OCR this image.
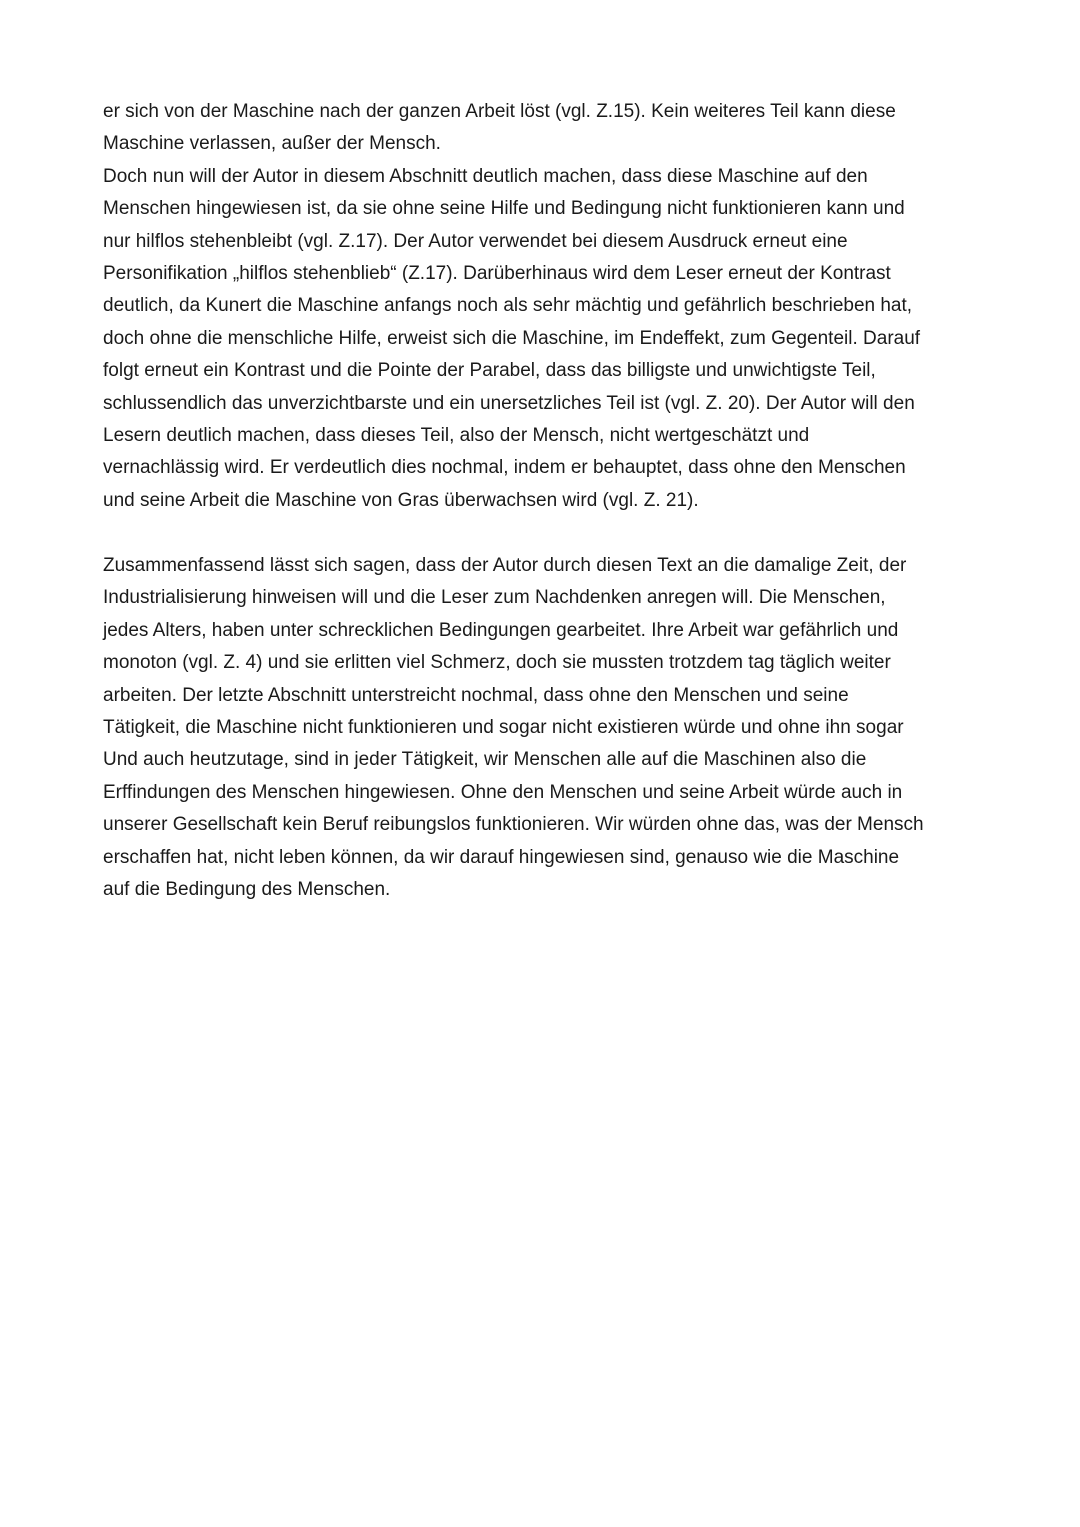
er sich von der Maschine nach der ganzen Arbeit löst (vgl. Z.15). Kein weiteres Teil kann diese
Maschine verlassen, außer der Mensch.
Doch nun will der Autor in diesem Abschnitt deutlich machen, dass diese Maschine auf den
Menschen hingewiesen ist, da sie ohne seine Hilfe und Bedingung nicht funktionieren kann und
nur hilflos stehenbleibt (vgl. Z.17). Der Autor verwendet bei diesem Ausdruck erneut eine
Personifikation „hilflos stehenblieb“ (Z.17). Darüberhinaus wird dem Leser erneut der Kontrast
deutlich, da Kunert die Maschine anfangs noch als sehr mächtig und gefährlich beschrieben hat,
doch ohne die menschliche Hilfe, erweist sich die Maschine, im Endeffekt, zum Gegenteil. Darauf
folgt erneut ein Kontrast und die Pointe der Parabel, dass das billigste und unwichtigste Teil,
schlussendlich das unverzichtbarste und ein unersetzliches Teil ist (vgl. Z. 20). Der Autor will den
Lesern deutlich machen, dass dieses Teil, also der Mensch, nicht wertgeschätzt und
vernachlässig wird. Er verdeutlich dies nochmal, indem er behauptet, dass ohne den Menschen
und seine Arbeit die Maschine von Gras überwachsen wird (vgl. Z. 21).
Zusammenfassend lässt sich sagen, dass der Autor durch diesen Text an die damalige Zeit, der
Industrialisierung hinweisen will und die Leser zum Nachdenken anregen will. Die Menschen,
jedes Alters, haben unter schrecklichen Bedingungen gearbeitet. Ihre Arbeit war gefährlich und
monoton (vgl. Z. 4) und sie erlitten viel Schmerz, doch sie mussten trotzdem tag täglich weiter
arbeiten. Der letzte Abschnitt unterstreicht nochmal, dass ohne den Menschen und seine
Tätigkeit, die Maschine nicht funktionieren und sogar nicht existieren würde und ohne ihn sogar
Und auch heutzutage, sind in jeder Tätigkeit, wir Menschen alle auf die Maschinen also die
Erffindungen des Menschen hingewiesen. Ohne den Menschen und seine Arbeit würde auch in
unserer Gesellschaft kein Beruf reibungslos funktionieren. Wir würden ohne das, was der Mensch
erschaffen hat, nicht leben können, da wir darauf hingewiesen sind, genauso wie die Maschine
auf die Bedingung des Menschen.
